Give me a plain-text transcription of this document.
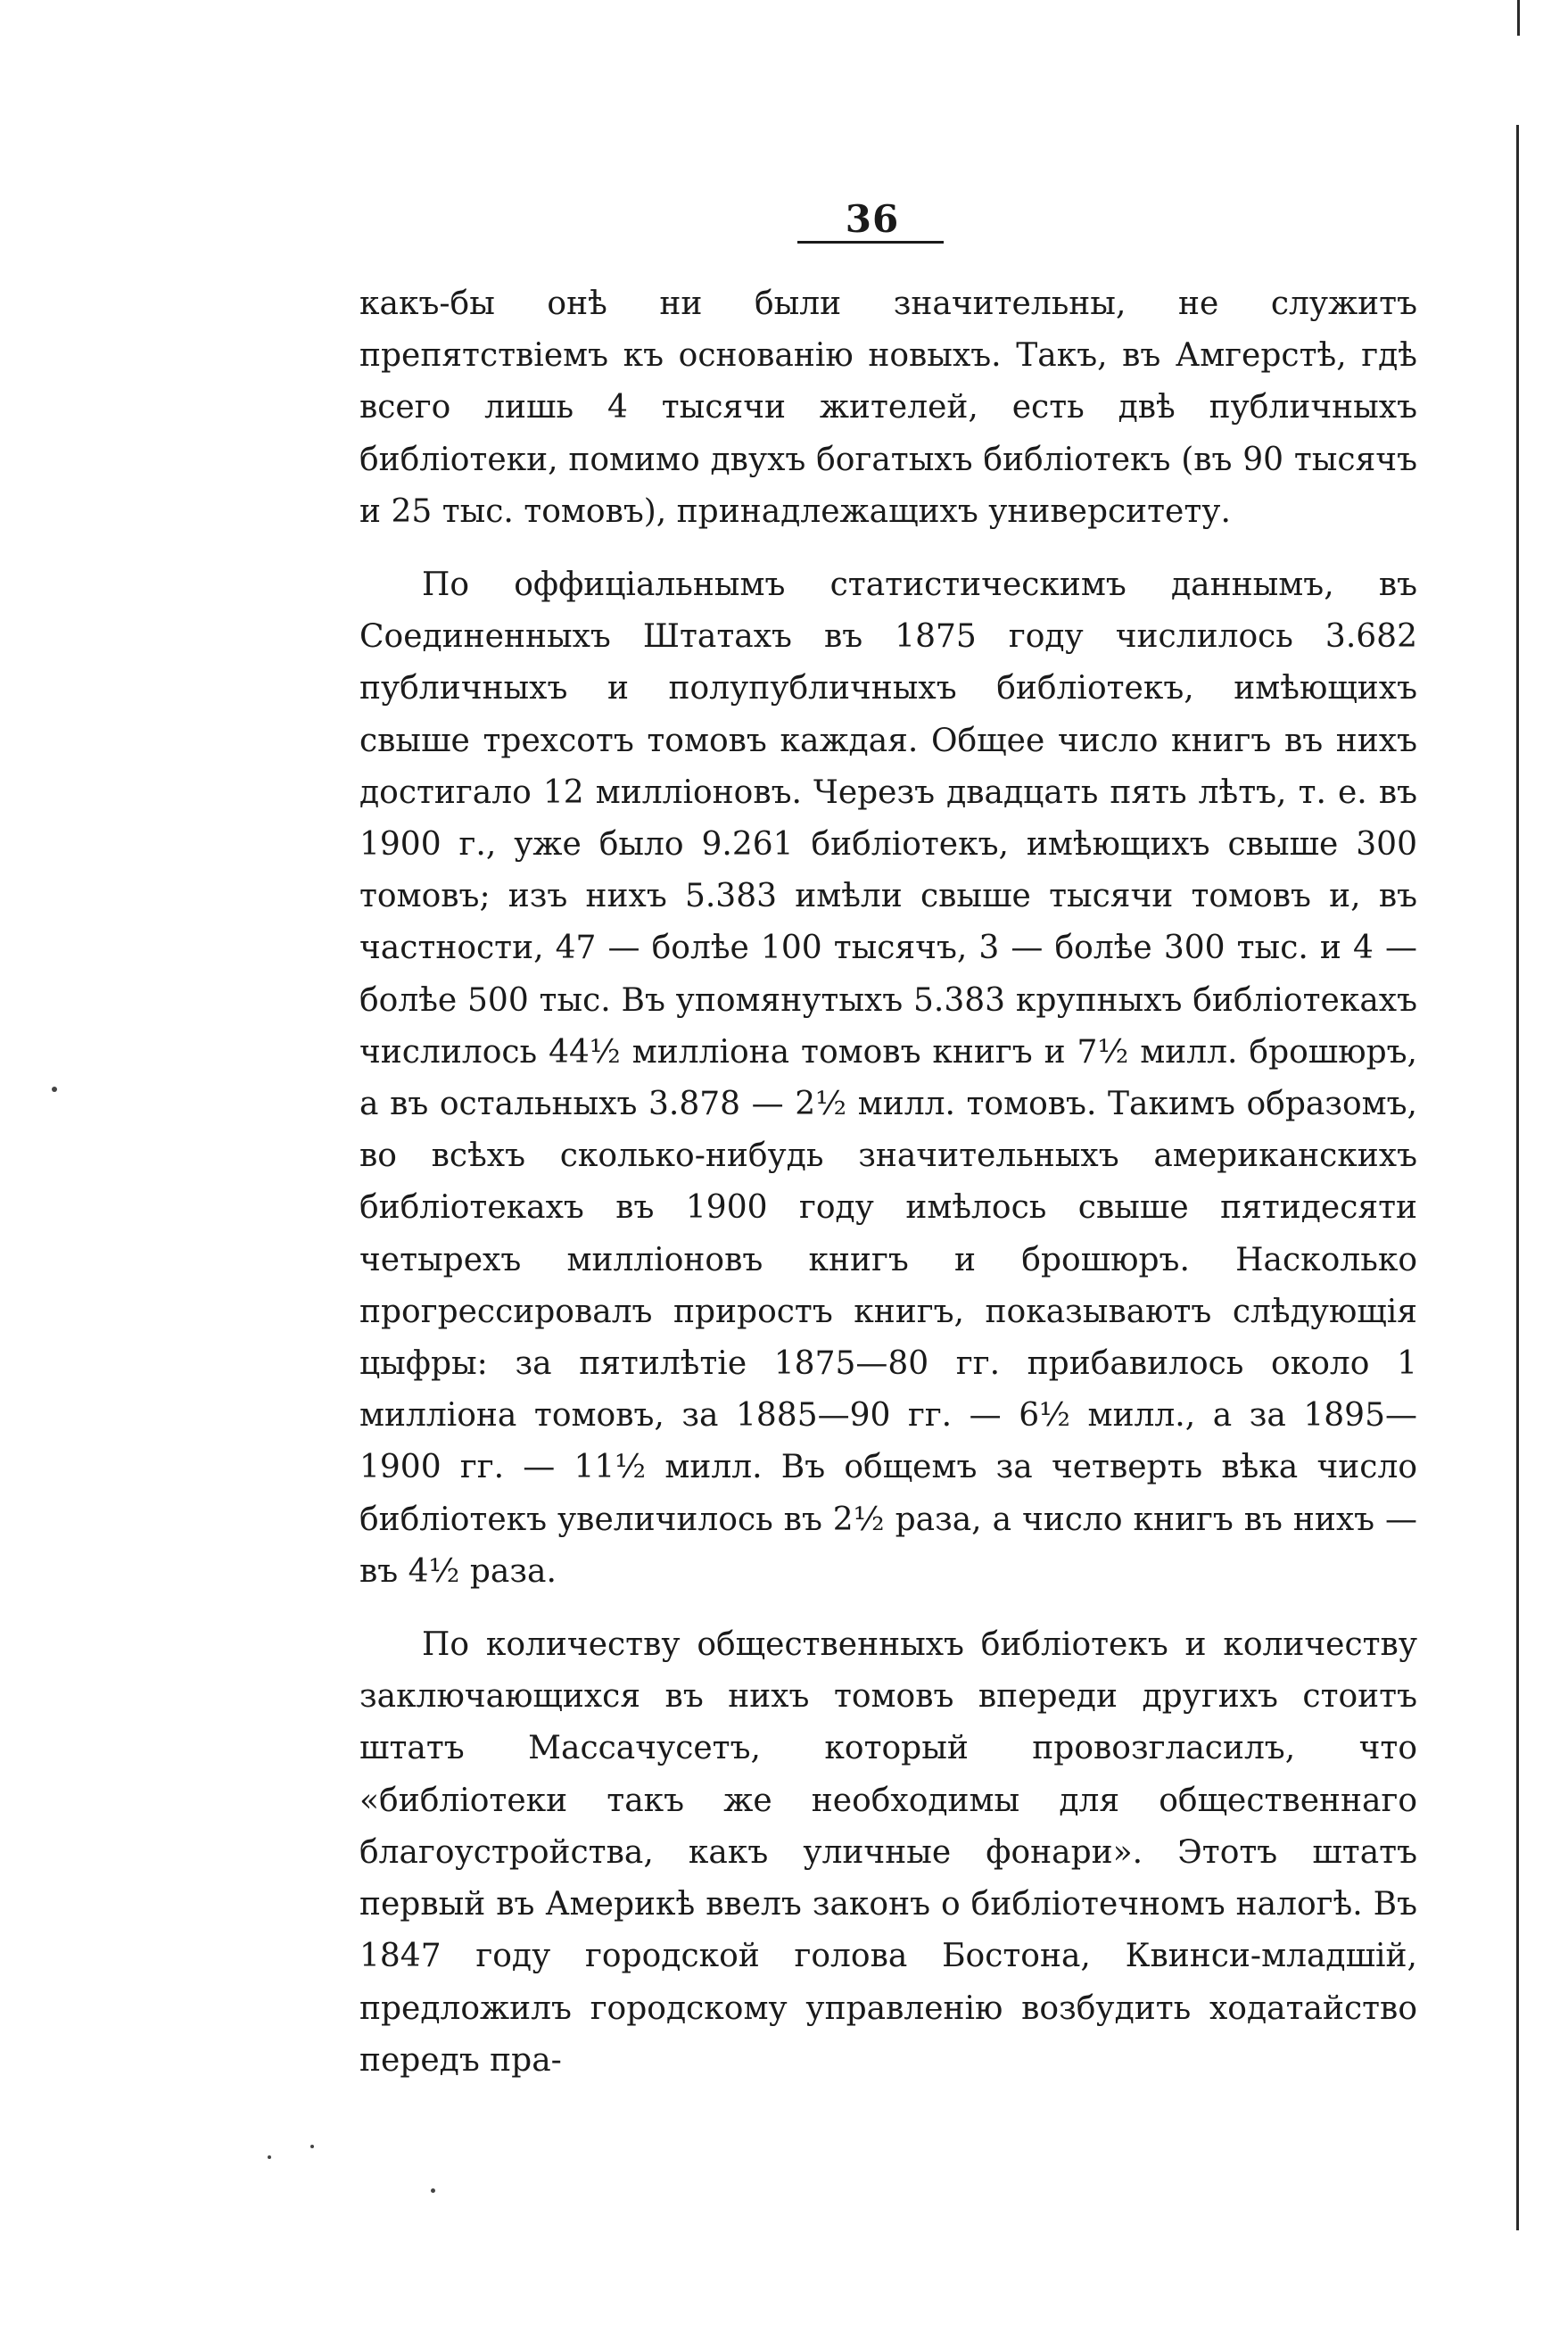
36

какъ-бы онѣ ни были значительны, не служитъ препятствіемъ къ основанію новыхъ. Такъ, въ Амгерстѣ, гдѣ всего лишь 4 тысячи жителей, есть двѣ публичныхъ библіотеки, помимо двухъ богатыхъ библіотекъ (въ 90 тысячъ и 25 тыс. томовъ), принадлежащихъ университету.

По оффиціальнымъ статистическимъ даннымъ, въ Соединенныхъ Штатахъ въ 1875 году числилось 3.682 публичныхъ и полупубличныхъ библіотекъ, имѣющихъ свыше трехсотъ томовъ каждая. Общее число книгъ въ нихъ достигало 12 милліоновъ. Черезъ двадцать пять лѣтъ, т. е. въ 1900 г., уже было 9.261 библіотекъ, имѣющихъ свыше 300 томовъ; изъ нихъ 5.383 имѣли свыше тысячи томовъ и, въ частности, 47 — болѣе 100 тысячъ, 3 — болѣе 300 тыс. и 4 — болѣе 500 тыс. Въ упомянутыхъ 5.383 крупныхъ библіотекахъ числилось 44½ милліона томовъ книгъ и 7½ милл. брошюръ, а въ остальныхъ 3.878 — 2½ милл. томовъ. Такимъ образомъ, во всѣхъ сколько-нибудь значительныхъ американскихъ библіотекахъ въ 1900 году имѣлось свыше пятидесяти четырехъ милліоновъ книгъ и брошюръ. Насколько прогрессировалъ приростъ книгъ, показываютъ слѣдующія цыфры: за пятилѣтіе 1875—80 гг. прибавилось около 1 милліона томовъ, за 1885—90 гг. — 6½ милл., а за 1895—1900 гг. — 11½ милл. Въ общемъ за четверть вѣка число библіотекъ увеличилось въ 2½ раза, а число книгъ въ нихъ — въ 4½ раза.

По количеству общественныхъ библіотекъ и количеству заключающихся въ нихъ томовъ впереди другихъ стоитъ штатъ Массачусетъ, который провозгласилъ, что «библіотеки такъ же необходимы для общественнаго благоустройства, какъ уличные фонари». Этотъ штатъ первый въ Америкѣ ввелъ законъ о библіотечномъ налогѣ. Въ 1847 году городской голова Бостона, Квинси-младшій, предложилъ городскому управленію возбудить ходатайство передъ пра-
